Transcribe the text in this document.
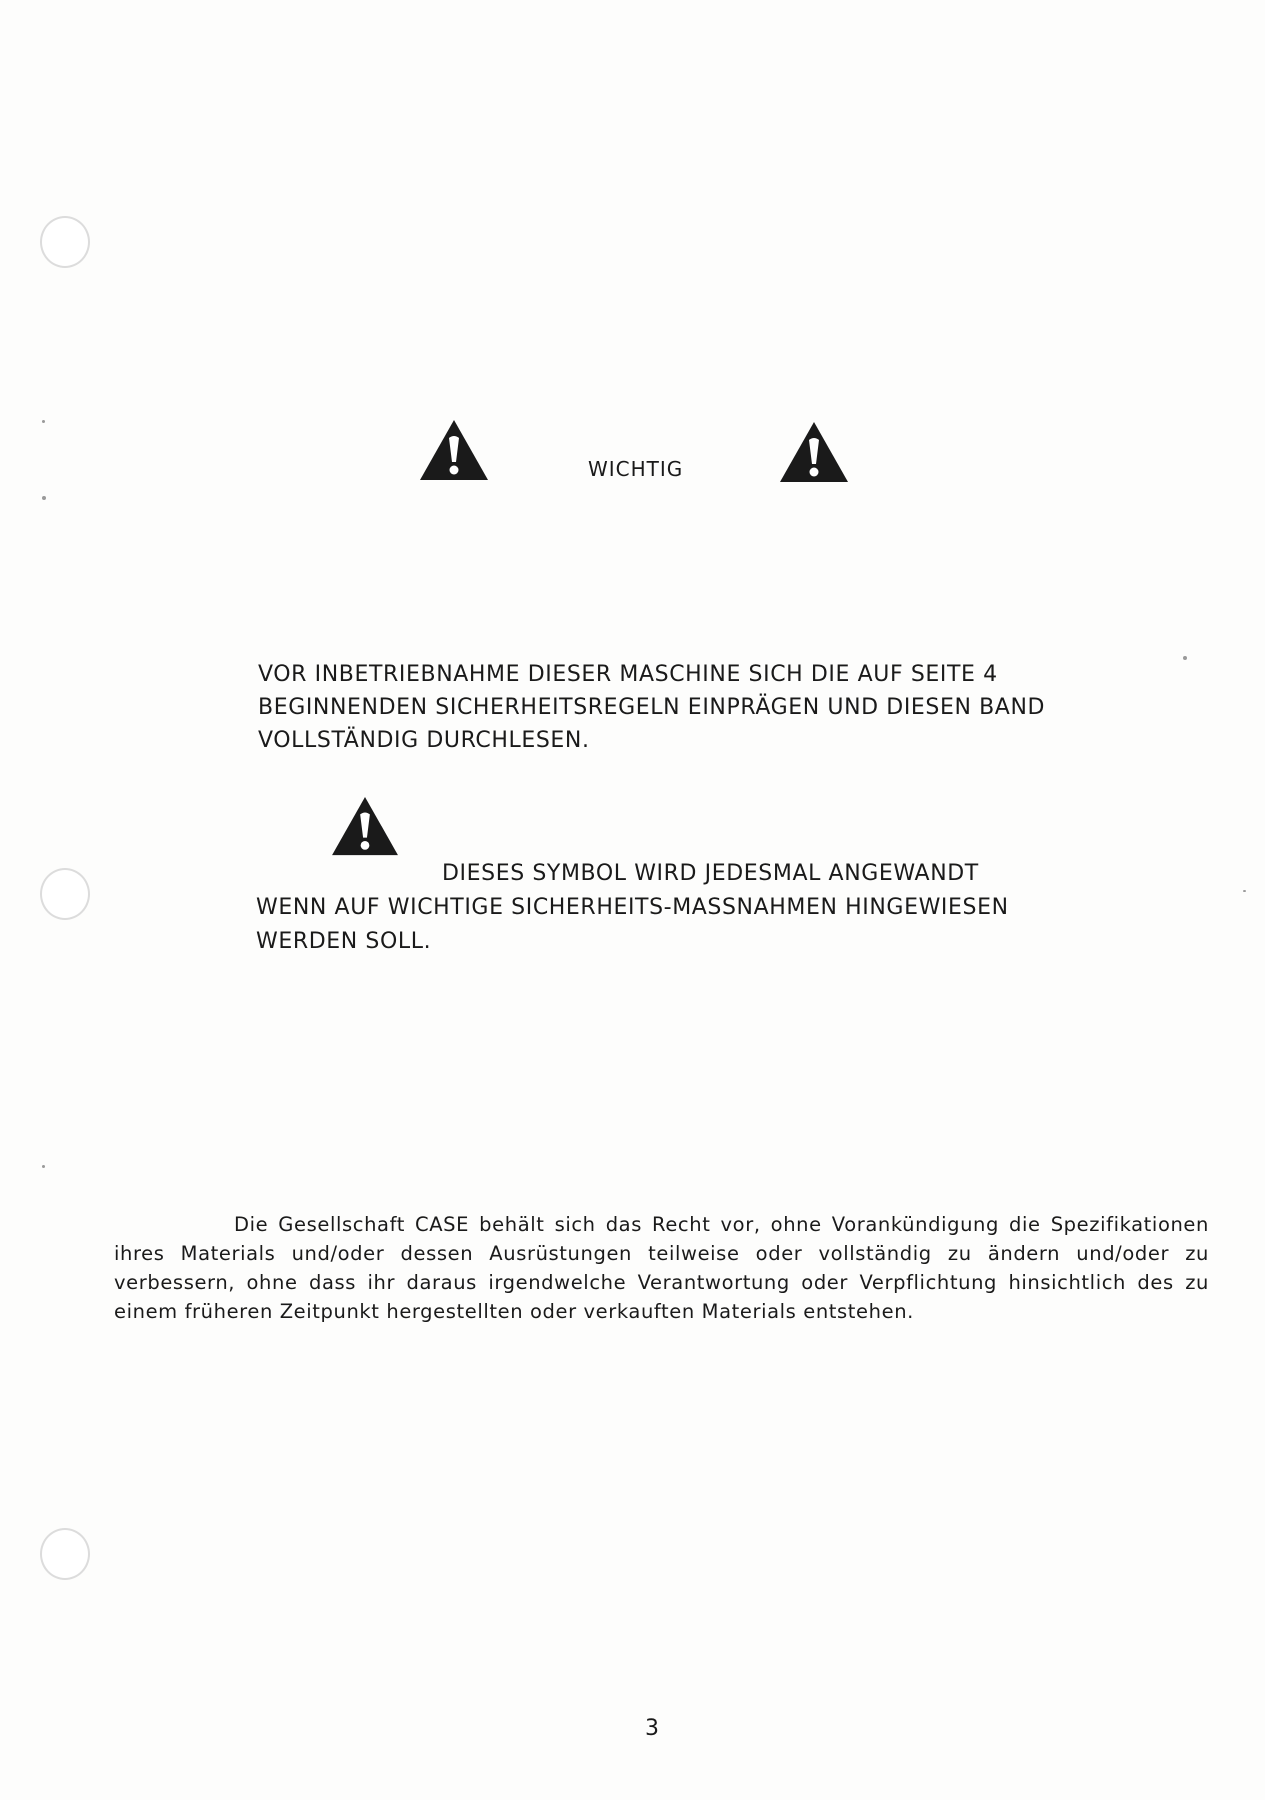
WICHTIG

VOR INBETRIEBNAHME DIESER MASCHINE SICH DIE AUF SEITE 4 BEGINNENDEN SICHERHEITSREGELN EINPRÄGEN UND DIESEN BAND VOLLSTÄNDIG DURCHLESEN.

DIESES SYMBOL WIRD JEDESMAL ANGEWANDT WENN AUF WICHTIGE SICHERHEITS-MASSNAHMEN HINGEWIESEN WERDEN SOLL.

Die Gesellschaft CASE behält sich das Recht vor, ohne Vorankündigung die Spezifikationen ihres Materials und/oder dessen Ausrüstungen teilweise oder vollständig zu ändern und/oder zu verbessern, ohne dass ihr daraus irgendwelche Verantwortung oder Verpflichtung hinsichtlich des zu einem früheren Zeitpunkt hergestellten oder verkauften Materials entstehen.

3
